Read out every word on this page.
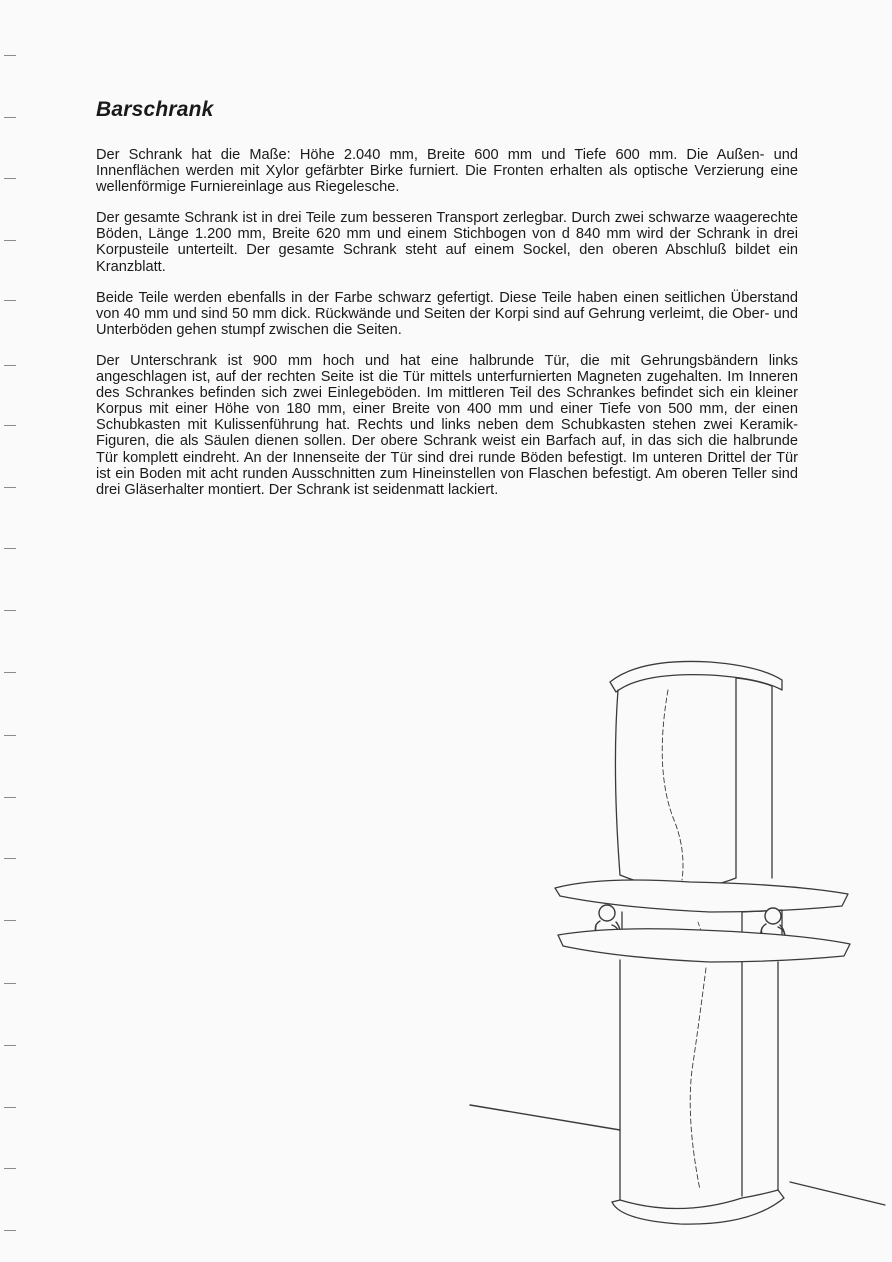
Barschrank

Der Schrank hat die Maße: Höhe 2.040 mm, Breite 600 mm und Tiefe 600 mm. Die Außen- und Innenflächen werden mit Xylor gefärbter Birke furniert. Die Fronten erhalten als optische Verzierung eine wellenförmige Furniereinlage aus Riegelesche.

Der gesamte Schrank ist in drei Teile zum besseren Transport zerlegbar. Durch zwei schwarze waagerechte Böden, Länge 1.200 mm, Breite 620 mm und einem Stichbogen von d 840 mm wird der Schrank in drei Korpusteile unterteilt. Der gesamte Schrank steht auf einem Sockel, den oberen Abschluß bildet ein Kranzblatt.

Beide Teile werden ebenfalls in der Farbe schwarz gefertigt. Diese Teile haben einen seitlichen Überstand von 40 mm und sind 50 mm dick. Rückwände und Seiten der Korpi sind auf Gehrung verleimt, die Ober- und Unterböden gehen stumpf zwischen die Seiten.

Der Unterschrank ist 900 mm hoch und hat eine halbrunde Tür, die mit Gehrungsbändern links angeschlagen ist, auf der rechten Seite ist die Tür mittels unterfurnierten Magneten zugehalten. Im Inneren des Schrankes befinden sich zwei Einlegeböden. Im mittleren Teil des Schrankes befindet sich ein kleiner Korpus mit einer Höhe von 180 mm, einer Breite von 400 mm und einer Tiefe von 500 mm, der einen Schubkasten mit Kulissenführung hat. Rechts und links neben dem Schubkasten stehen zwei Keramik-Figuren, die als Säulen dienen sollen. Der obere Schrank weist ein Barfach auf, in das sich die halbrunde Tür komplett eindreht. An der Innenseite der Tür sind drei runde Böden befestigt. Im unteren Drittel der Tür ist ein Boden mit acht runden Ausschnitten zum Hineinstellen von Flaschen befestigt. Am oberen Teller sind drei Gläserhalter montiert. Der Schrank ist seidenmatt lackiert.
